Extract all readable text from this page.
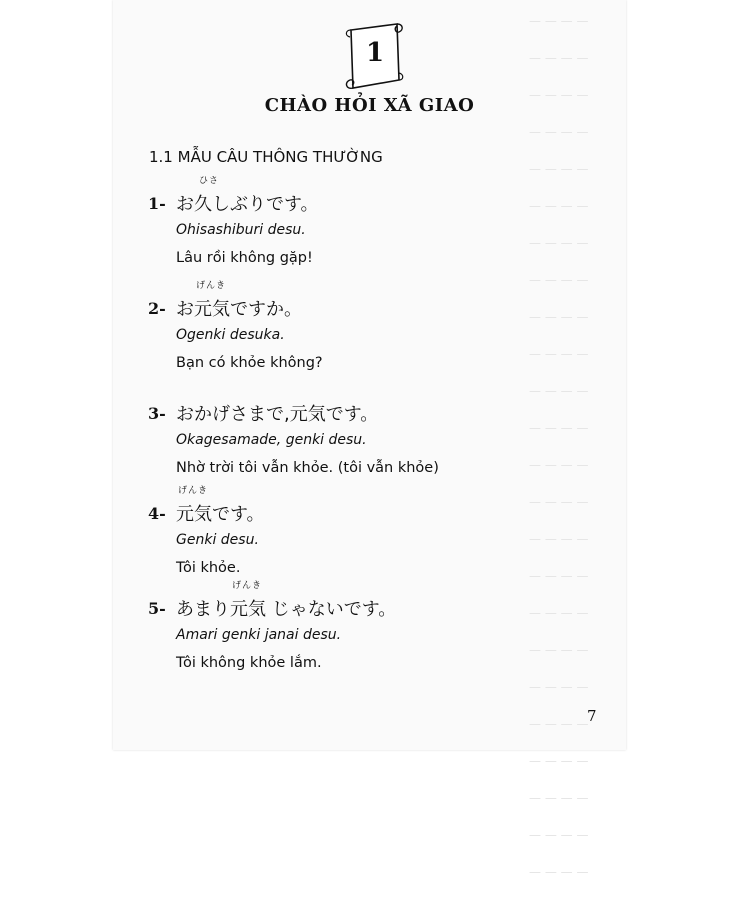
— — — —
— — — —
— — — —
— — — —
— — — —
— — — —
— — — —
— — — —
— — — —
— — — —
— — — —
— — — —
— — — —
— — — —
— — — —
— — — —
— — — —
— — — —
— — — —
— — — —
— — — —
— — — —
— — — —
— — — —
1
CHÀO HỎI XÃ GIAO
1.1 MẪU CÂU THÔNG THƯỜNG
1- お久しぶりです。
ひさ
Ohisashiburi desu.
Lâu rồi không gặp!
2- お元気ですか。
げんき
Ogenki desuka.
Bạn có khỏe không?
3- おかげさまで,元気です。
Okagesamade, genki desu.
Nhờ trời tôi vẫn khỏe. (tôi vẫn khỏe)
4- 元気です。
げんき
Genki desu.
Tôi khỏe.
5- あまり元気 じゃないです。
げんき
Amari genki janai desu.
Tôi không khỏe lắm.
7
